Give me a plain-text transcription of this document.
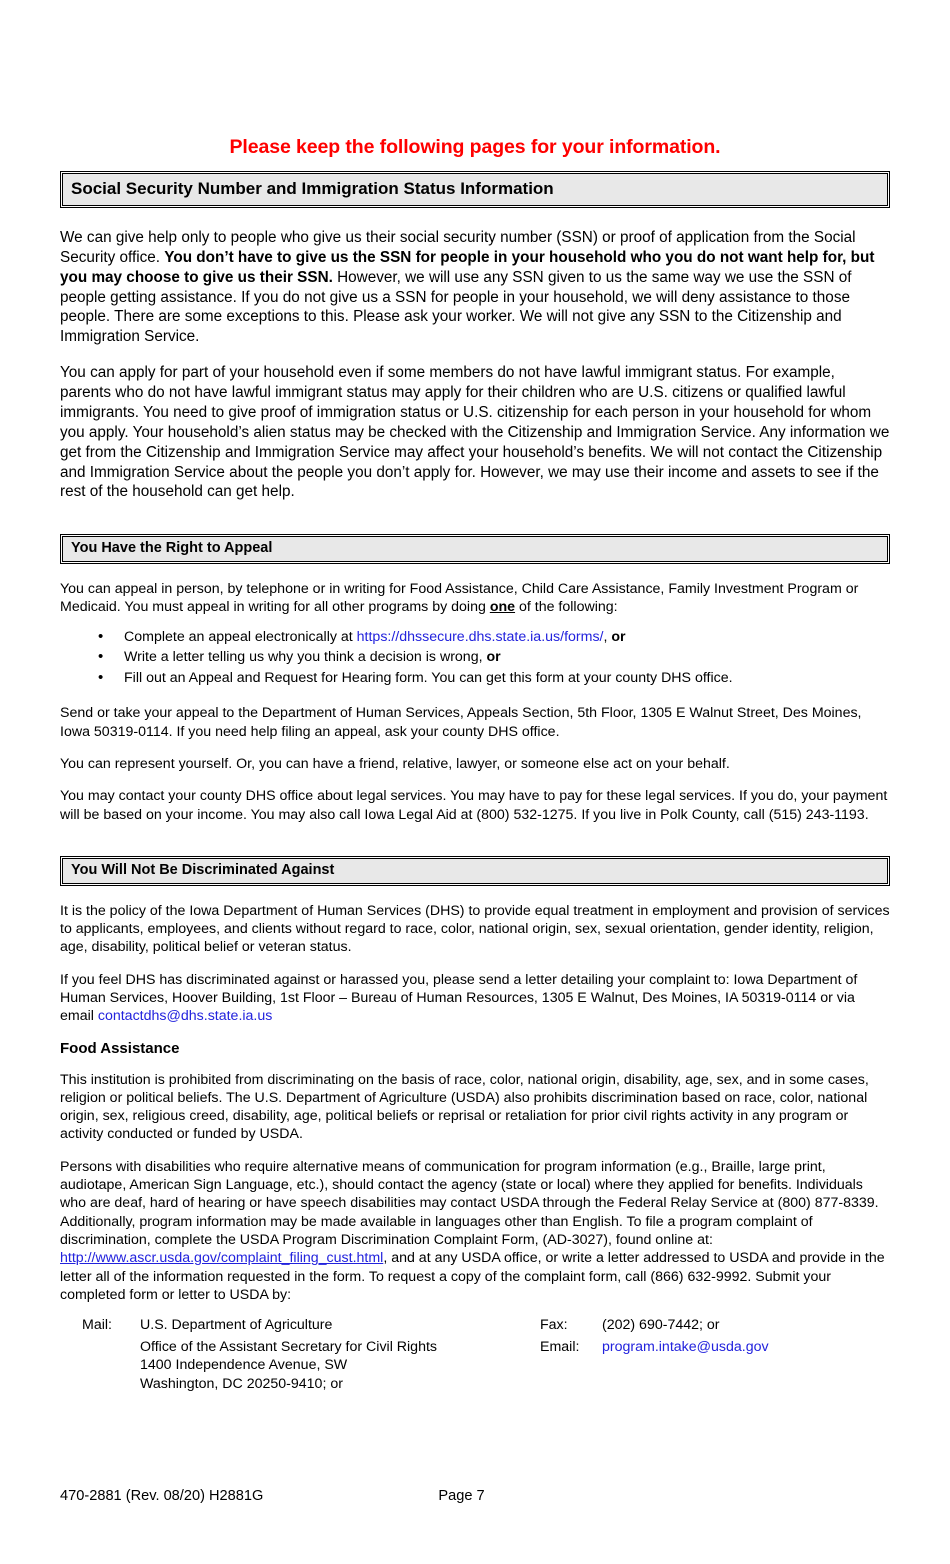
Please keep the following pages for your information.
Social Security Number and Immigration Status Information

We can give help only to people who give us their social security number (SSN) or proof of application from the Social Security office. You don’t have to give us the SSN for people in your household who you do not want help for, but you may choose to give us their SSN. However, we will use any SSN given to us the same way we use the SSN of people getting assistance. If you do not give us a SSN for people in your household, we will deny assistance to those people. There are some exceptions to this. Please ask your worker. We will not give any SSN to the Citizenship and Immigration Service.

You can apply for part of your household even if some members do not have lawful immigrant status. For example, parents who do not have lawful immigrant status may apply for their children who are U.S. citizens or qualified lawful immigrants. You need to give proof of immigration status or U.S. citizenship for each person in your household for whom you apply. Your household’s alien status may be checked with the Citizenship and Immigration Service. Any information we get from the Citizenship and Immigration Service may affect your household’s benefits. We will not contact the Citizenship and Immigration Service about the people you don’t apply for. However, we may use their income and assets to see if the rest of the household can get help.

You Have the Right to Appeal

You can appeal in person, by telephone or in writing for Food Assistance, Child Care Assistance, Family Investment Program or Medicaid. You must appeal in writing for all other programs by doing one of the following:

• Complete an appeal electronically at https://dhssecure.dhs.state.ia.us/forms/, or
• Write a letter telling us why you think a decision is wrong, or
• Fill out an Appeal and Request for Hearing form. You can get this form at your county DHS office.

Send or take your appeal to the Department of Human Services, Appeals Section, 5th Floor, 1305 E Walnut Street, Des Moines, Iowa 50319-0114. If you need help filing an appeal, ask your county DHS office.

You can represent yourself. Or, you can have a friend, relative, lawyer, or someone else act on your behalf.

You may contact your county DHS office about legal services. You may have to pay for these legal services. If you do, your payment will be based on your income. You may also call Iowa Legal Aid at (800) 532-1275. If you live in Polk County, call (515) 243-1193.

You Will Not Be Discriminated Against

It is the policy of the Iowa Department of Human Services (DHS) to provide equal treatment in employment and provision of services to applicants, employees, and clients without regard to race, color, national origin, sex, sexual orientation, gender identity, religion, age, disability, political belief or veteran status.

If you feel DHS has discriminated against or harassed you, please send a letter detailing your complaint to: Iowa Department of Human Services, Hoover Building, 1st Floor – Bureau of Human Resources, 1305 E Walnut, Des Moines, IA 50319-0114 or via email contactdhs@dhs.state.ia.us

Food Assistance

This institution is prohibited from discriminating on the basis of race, color, national origin, disability, age, sex, and in some cases, religion or political beliefs. The U.S. Department of Agriculture (USDA) also prohibits discrimination based on race, color, national origin, sex, religious creed, disability, age, political beliefs or reprisal or retaliation for prior civil rights activity in any program or activity conducted or funded by USDA.

Persons with disabilities who require alternative means of communication for program information (e.g., Braille, large print, audiotape, American Sign Language, etc.), should contact the agency (state or local) where they applied for benefits. Individuals who are deaf, hard of hearing or have speech disabilities may contact USDA through the Federal Relay Service at (800) 877-8339. Additionally, program information may be made available in languages other than English. To file a program complaint of discrimination, complete the USDA Program Discrimination Complaint Form, (AD-3027), found online at: http://www.ascr.usda.gov/complaint_filing_cust.html, and at any USDA office, or write a letter addressed to USDA and provide in the letter all of the information requested in the form. To request a copy of the complaint form, call (866) 632-9992. Submit your completed form or letter to USDA by:

Mail:	U.S. Department of Agriculture	Fax:	(202) 690-7442; or
	Office of the Assistant Secretary for Civil Rights	Email:	program.intake@usda.gov
	1400 Independence Avenue, SW		
	Washington, DC 20250-9410; or		
470-2881 (Rev. 08/20) H2881G	Page 7
